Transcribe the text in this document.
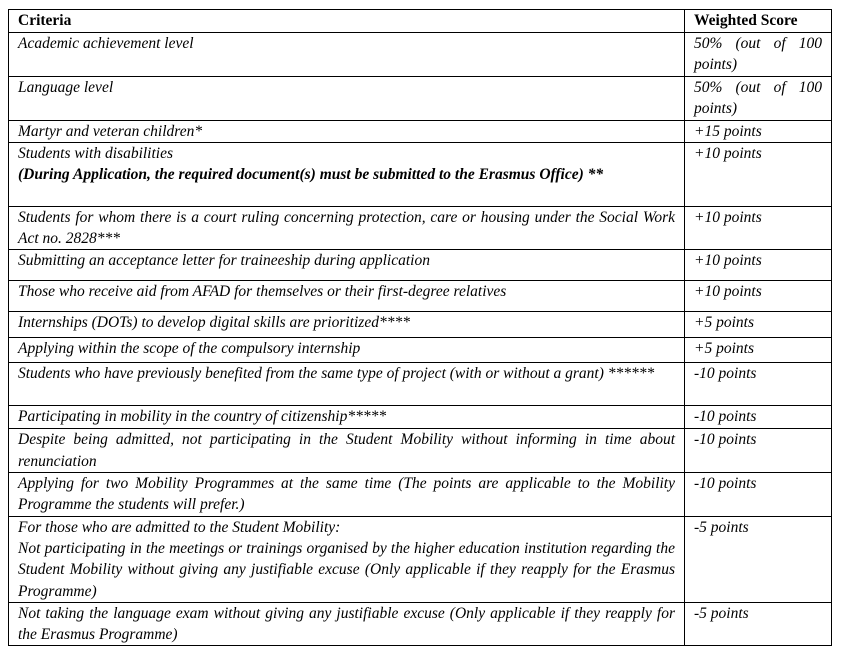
Criteria	Weighted Score
Academic achievement level	50% (out of 100 points)
Language level	50% (out of 100 points)
Martyr and veteran children*	+15 points

Students with disabilities
(During Application, the required document(s) must be submitted to the Erasmus Office) **	+10 points
Students for whom there is a court ruling concerning protection, care or housing under the Social Work Act no. 2828***	+10 points
Submitting an acceptance letter for traineeship during application	+10 points
Those who receive aid from AFAD for themselves or their first-degree relatives	+10 points
Internships (DOTs) to develop digital skills are prioritized****	+5 points
Applying within the scope of the compulsory internship	+5 points
Students who have previously benefited from the same type of project (with or without a grant) ******	-10 points
Participating in mobility in the country of citizenship*****	-10 points
Despite being admitted, not participating in the Student Mobility without informing in time about renunciation	-10 points
Applying for two Mobility Programmes at the same time (The points are applicable to the Mobility Programme the students will prefer.)	-10 points

For those who are admitted to the Student Mobility:
Not participating in the meetings or trainings organised by the higher education institution regarding the Student Mobility without giving any justifiable excuse (Only applicable if they reapply for the Erasmus Programme)	-5 points
Not taking the language exam without giving any justifiable excuse (Only applicable if they reapply for the Erasmus Programme)	-5 points
